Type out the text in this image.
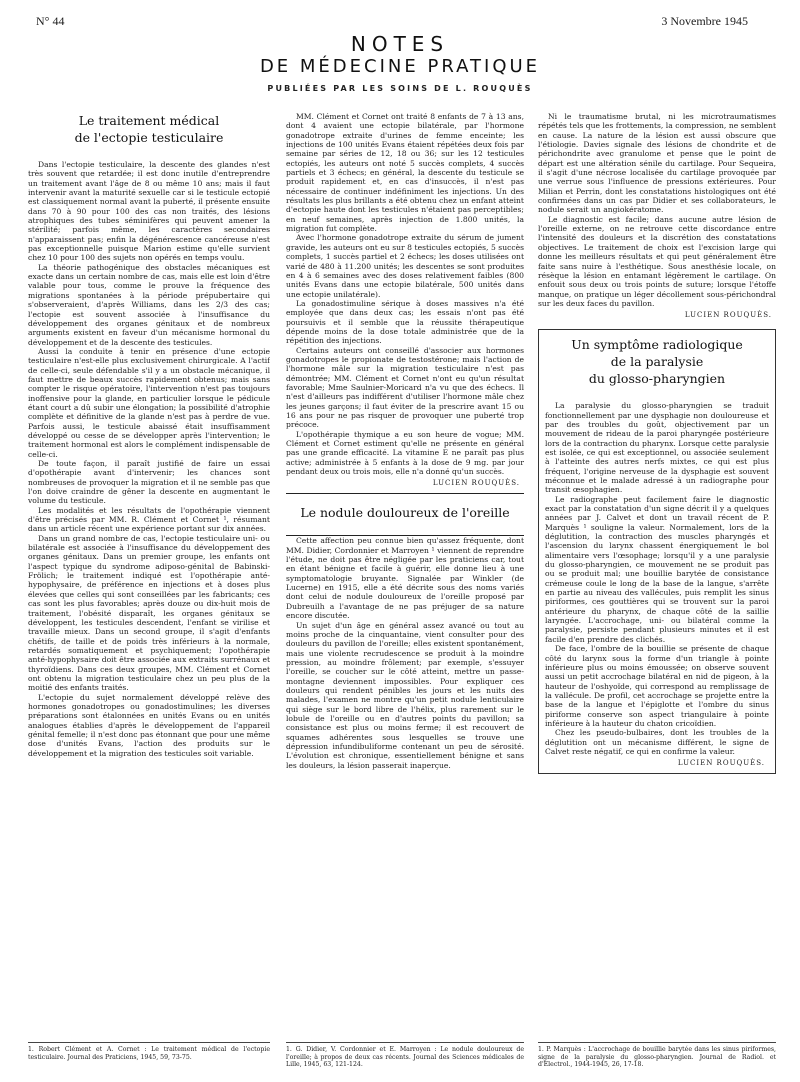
N° 44	3 Novembre 1945
NOTES
DE MÉDECINE PRATIQUE
PUBLIÉES PAR LES SOINS DE L. ROUQUÈS
Le traitement médical
de l'ectopie testiculaire

Dans l'ectopie testiculaire, la descente des glandes n'est très souvent que retardée; il est donc inutile d'entreprendre un traitement avant l'âge de 8 ou même 10 ans; mais il faut intervenir avant la maturité sexuelle car si le testicule ectopié est classiquement normal avant la puberté, il présente ensuite dans 70 à 90 pour 100 des cas non traités, des lésions atrophiques des tubes séminifères qui peuvent amener la stérilité; parfois même, les caractères secondaires n'apparaissent pas; enfin la dégénérescence cancéreuse n'est pas exceptionnelle puisque Marion estime qu'elle survient chez 10 pour 100 des sujets non opérés en temps voulu.

La théorie pathogénique des obstacles mécaniques est exacte dans un certain nombre de cas, mais elle est loin d'être valable pour tous, comme le prouve la fréquence des migrations spontanées à la période prépubertaire qui s'observeraient, d'après Williams, dans les 2/3 des cas; l'ectopie est souvent associée à l'insuffisance du développement des organes génitaux et de nombreux arguments existent en faveur d'un mécanisme hormonal du développement et de la descente des testicules.

Aussi la conduite à tenir en présence d'une ectopie testiculaire n'est-elle plus exclusivement chirurgicale. A l'actif de celle-ci, seule défendable s'il y a un obstacle mécanique, il faut mettre de beaux succès rapidement obtenus; mais sans compter le risque opératoire, l'intervention n'est pas toujours inoffensive pour la glande, en particulier lorsque le pédicule étant court a dû subir une élongation; la possibilité d'atrophie complète et définitive de la glande n'est pas à perdre de vue. Parfois aussi, le testicule abaissé était insuffisamment développé ou cesse de se développer après l'intervention; le traitement hormonal est alors le complément indispensable de celle-ci.

De toute façon, il paraît justifié de faire un essai d'opothérapie avant d'intervenir; les chances sont nombreuses de provoquer la migration et il ne semble pas que l'on doive craindre de gêner la descente en augmentant le volume du testicule.

Les modalités et les résultats de l'opothérapie viennent d'être précisés par MM. R. Clément et Cornet ¹, résumant dans un article récent une expérience portant sur dix années.

Dans un grand nombre de cas, l'ectopie testiculaire uni- ou bilatérale est associée à l'insuffisance du développement des organes génitaux. Dans un premier groupe, les enfants ont l'aspect typique du syndrome adiposo-génital de Babinski-Frölich; le traitement indiqué est l'opothérapie anté-hypophysaire, de préférence en injections et à doses plus élevées que celles qui sont conseillées par les fabricants; ces cas sont les plus favorables; après douze ou dix-huit mois de traitement, l'obésité disparaît, les organes génitaux se développent, les testicules descendent, l'enfant se virilise et travaille mieux. Dans un second groupe, il s'agit d'enfants chétifs, de taille et de poids très inférieurs à la normale, retardés somatiquement et psychiquement; l'opothérapie anté-hypophysaire doit être associée aux extraits surrénaux et thyroïdiens. Dans ces deux groupes, MM. Clément et Cornet ont obtenu la migration testiculaire chez un peu plus de la moitié des enfants traités.

L'ectopie du sujet normalement développé relève des hormones gonadotropes ou gonadostimulines; les diverses préparations sont étalonnées en unités Evans ou en unités analogues établies d'après le développement de l'appareil génital femelle; il n'est donc pas étonnant que pour une même dose d'unités Evans, l'action des produits sur le développement et la migration des testicules soit variable.

MM. Clément et Cornet ont traité 8 enfants de 7 à 13 ans, dont 4 avaient une ectopie bilatérale, par l'hormone gonadotrope extraite d'urines de femme enceinte; les injections de 100 unités Evans étaient répétées deux fois par semaine par séries de 12, 18 ou 36; sur les 12 testicules ectopiés, les auteurs ont noté 5 succès complets, 4 succès partiels et 3 échecs; en général, la descente du testicule se produit rapidement et, en cas d'insuccès, il n'est pas nécessaire de continuer indéfiniment les injections. Un des résultats les plus brillants a été obtenu chez un enfant atteint d'ectopie haute dont les testicules n'étaient pas perceptibles; en neuf semaines, après injection de 1.800 unités, la migration fut complète.

Avec l'hormone gonadotrope extraite du sérum de jument gravide, les auteurs ont eu sur 8 testicules ectopiés, 5 succès complets, 1 succès partiel et 2 échecs; les doses utilisées ont varié de 480 à 11.200 unités; les descentes se sont produites en 4 à 6 semaines avec des doses relativement faibles (800 unités Evans dans une ectopie bilatérale, 500 unités dans une ectopie unilatérale).

La gonadostimuline sérique à doses massives n'a été employée que dans deux cas; les essais n'ont pas été poursuivis et il semble que la réussite thérapeutique dépende moins de la dose totale administrée que de la répétition des injections.

Certains auteurs ont conseillé d'associer aux hormones gonadotropes le propionate de testostérone; mais l'action de l'hormone mâle sur la migration testiculaire n'est pas démontrée; MM. Clément et Cornet n'ont eu qu'un résultat favorable; Mme Saulnier-Moricard n'a vu que des échecs. Il n'est d'ailleurs pas indifférent d'utiliser l'hormone mâle chez les jeunes garçons; il faut éviter de la prescrire avant 15 ou 16 ans pour ne pas risquer de provoquer une puberté trop précoce.

L'opothérapie thymique a eu son heure de vogue; MM. Clément et Cornet estiment qu'elle ne présente en général pas une grande efficacité. La vitamine E ne paraît pas plus active; administrée à 5 enfants à la dose de 9 mg. par jour pendant deux ou trois mois, elle n'a donné qu'un succès.

LUCIEN ROUQUÈS.
Le nodule douloureux de l'oreille

Cette affection peu connue bien qu'assez fréquente, dont MM. Didier, Cordonnier et Marroyen ¹ viennent de reprendre l'étude, ne doit pas être négligée par les praticiens car, tout en étant bénigne et facile à guérir, elle donne lieu à une symptomatologie bruyante. Signalée par Winkler (de Lucerne) en 1915, elle a été décrite sous des noms variés dont celui de nodule douloureux de l'oreille proposé par Dubreuilh a l'avantage de ne pas préjuger de sa nature encore discutée.

Un sujet d'un âge en général assez avancé ou tout au moins proche de la cinquantaine, vient consulter pour des douleurs du pavillon de l'oreille; elles existent spontanément, mais une violente recrudescence se produit à la moindre pression, au moindre frôlement; par exemple, s'essuyer l'oreille, se coucher sur le côté atteint, mettre un passe-montagne deviennent impossibles. Pour expliquer ces douleurs qui rendent pénibles les jours et les nuits des malades, l'examen ne montre qu'un petit nodule lenticulaire qui siège sur le bord libre de l'hélix, plus rarement sur le lobule de l'oreille ou en d'autres points du pavillon; sa consistance est plus ou moins ferme; il est recouvert de squames adhérentes sous lesquelles se trouve une dépression infundibuliforme contenant un peu de sérosité. L'évolution est chronique, essentiellement bénigne et sans les douleurs, la lésion passerait inaperçue.

Ni le traumatisme brutal, ni les microtraumatismes répétés tels que les frottements, la compression, ne semblent en cause. La nature de la lésion est aussi obscure que l'étiologie. Davies signale des lésions de chondrite et de périchondrite avec granulome et pense que le point de départ est une altération sénile du cartilage. Pour Sequeira, il s'agit d'une nécrose localisée du cartilage provoquée par une verrue sous l'influence de pressions extérieures. Pour Milian et Perrin, dont les constatations histologiques ont été confirmées dans un cas par Didier et ses collaborateurs, le nodule serait un angiokératome.

Le diagnostic est facile; dans aucune autre lésion de l'oreille externe, on ne retrouve cette discordance entre l'intensité des douleurs et la discrétion des constatations objectives. Le traitement de choix est l'excision large qui donne les meilleurs résultats et qui peut généralement être faite sans nuire à l'esthétique. Sous anesthésie locale, on résèque la lésion en entamant légèrement le cartilage. On enfouit sous deux ou trois points de suture; lorsque l'étoffe manque, on pratique un léger décollement sous-périchondral sur les deux faces du pavillon.

LUCIEN ROUQUÈS.
Un symptôme radiologique
de la paralysie
du glosso-pharyngien

La paralysie du glosso-pharyngien se traduit fonctionnellement par une dysphagie non douloureuse et par des troubles du goût, objectivement par un mouvement de rideau de la paroi pharyngée postérieure lors de la contraction du pharynx. Lorsque cette paralysie est isolée, ce qui est exceptionnel, ou associée seulement à l'atteinte des autres nerfs mixtes, ce qui est plus fréquent, l'origine nerveuse de la dysphagie est souvent méconnue et le malade adressé à un radiographe pour transit œsophagien.

Le radiographe peut facilement faire le diagnostic exact par la constatation d'un signe décrit il y a quelques années par J. Calvet et dont un travail récent de P. Marquès ¹ souligne la valeur. Normalement, lors de la déglutition, la contraction des muscles pharyngés et l'ascension du larynx chassent énergiquement le bol alimentaire vers l'œsophage; lorsqu'il y a une paralysie du glosso-pharyngien, ce mouvement ne se produit pas ou se produit mal; une bouillie barytée de consistance crémeuse coule le long de la base de la langue, s'arrête en partie au niveau des vallécules, puis remplit les sinus piriformes, ces gouttières qui se trouvent sur la paroi antérieure du pharynx, de chaque côté de la saillie laryngée. L'accrochage, uni- ou bilatéral comme la paralysie, persiste pendant plusieurs minutes et il est facile d'en prendre des clichés.

De face, l'ombre de la bouillie se présente de chaque côté du larynx sous la forme d'un triangle à pointe inférieure plus ou moins émoussée; on observe souvent aussi un petit accrochage bilatéral en nid de pigeon, à la hauteur de l'oshyoïde, qui correspond au remplissage de la vallécule. De profil, cet accrochage se projette entre la base de la langue et l'épiglotte et l'ombre du sinus piriforme conserve son aspect triangulaire à pointe inférieure à la hauteur du chaton cricoïdien.

Chez les pseudo-bulbaires, dont les troubles de la déglutition ont un mécanisme différent, le signe de Calvet reste négatif, ce qui en confirme la valeur.

LUCIEN ROUQUÈS.
1. Robert Clément et A. Cornet : Le traitement médical de l'ectopie testiculaire. Journal des Praticiens, 1945, 59, 73-75.
1. G. Didier, V. Cordonnier et E. Marroyen : Le nodule douloureux de l'oreille; à propos de deux cas récents. Journal des Sciences médicales de Lille, 1945, 63, 121-124.
1. P. Marquès : L'accrochage de bouillie barytée dans les sinus piriformes, signe de la paralysie du glosso-pharyngien. Journal de Radiol. et d'Electrol., 1944-1945, 26, 17-18.
